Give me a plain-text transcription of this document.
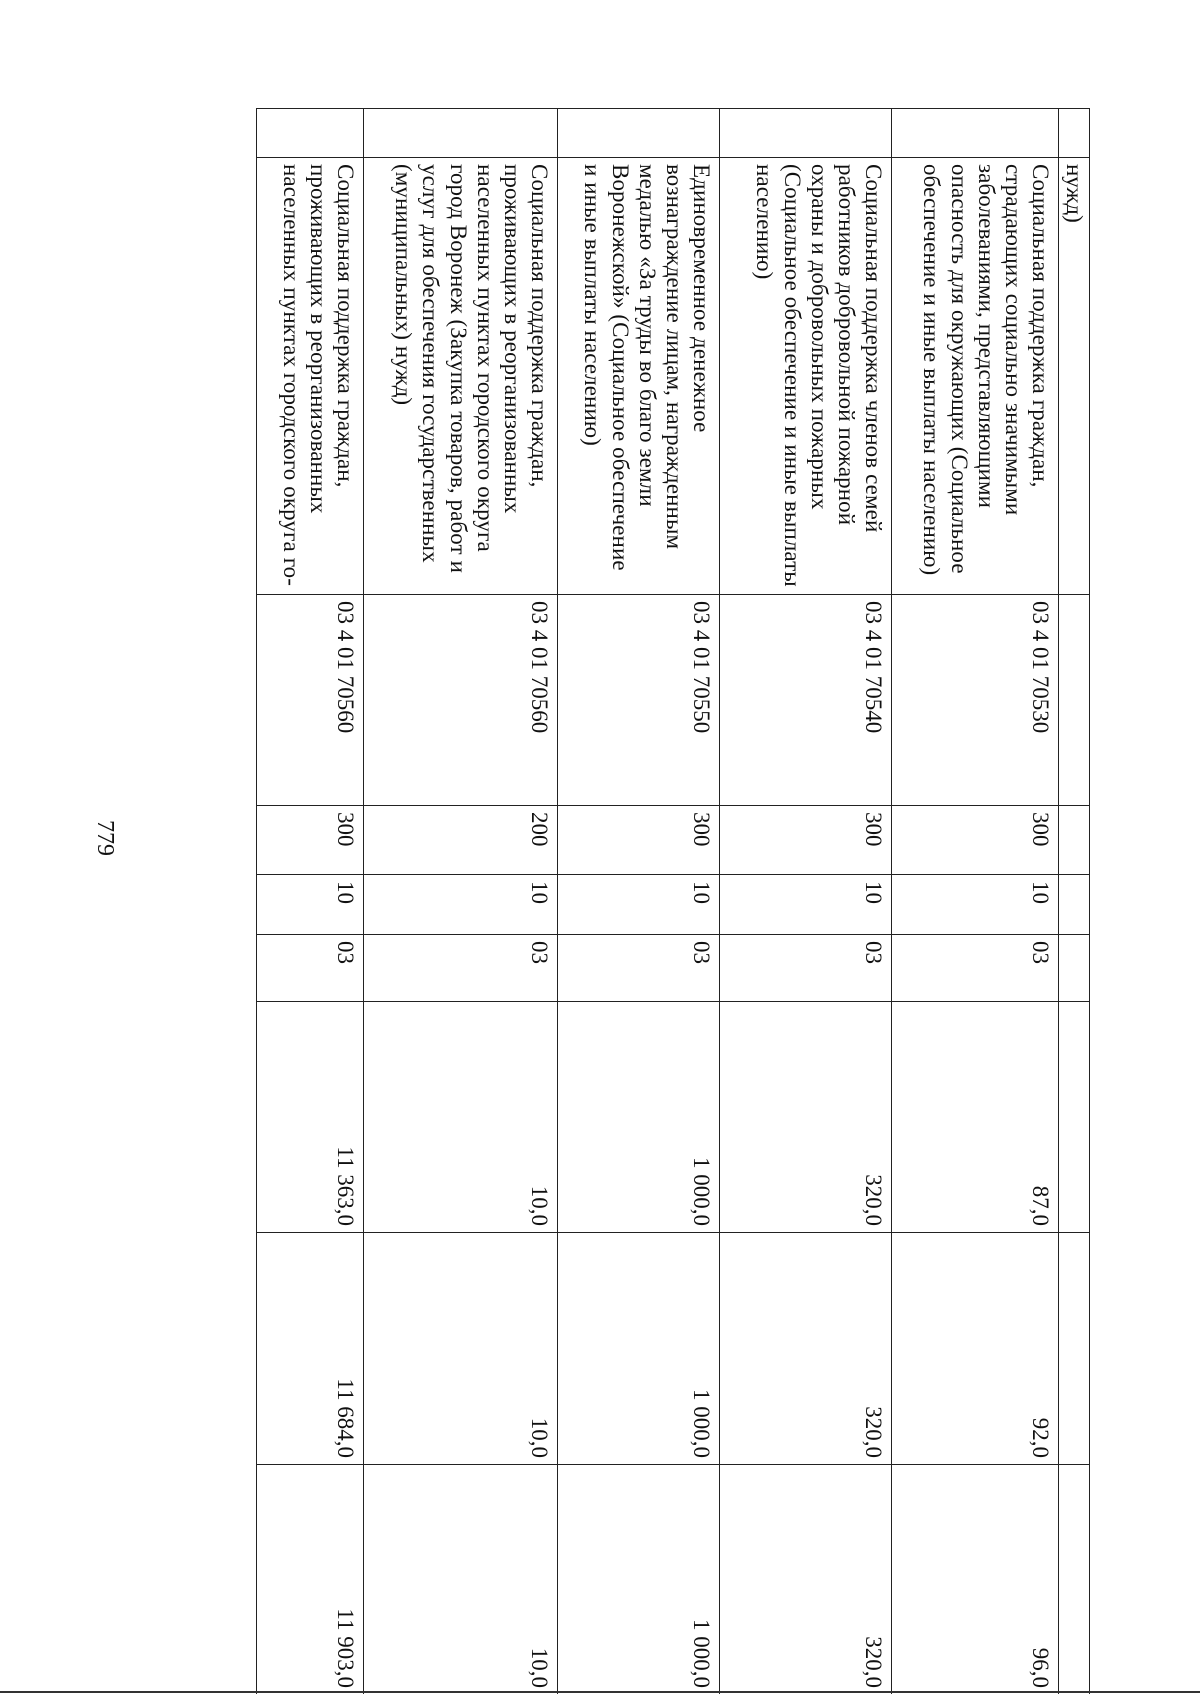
779
	нужд)							
	Социальная поддержка граждан, страдающих социально значимыми заболеваниями, представляющими опасность для окружающих (Социальное обеспечение и иные выплаты населению)	03 4 01 70530	300	10	03	87,0	92,0	96,0
	Социальная поддержка членов семей работников добровольной пожарной охраны и добровольных пожарных (Социальное обеспечение и иные выплаты населению)	03 4 01 70540	300	10	03	320,0	320,0	320,0
	Единовременное денежное вознаграждение лицам, награжденным медалью «За труды во благо земли Воронежской» (Социальное обеспечение и иные выплаты населению)	03 4 01 70550	300	10	03	1 000,0	1 000,0	1 000,0
	Социальная поддержка граждан, проживающих в реорганизованных населенных пунктах городского округа город Воронеж (Закупка товаров, работ и услуг для обеспечения государственных (муниципальных) нужд)	03 4 01 70560	200	10	03	10,0	10,0	10,0
	Социальная поддержка граждан, проживающих в реорганизованных населенных пунктах городского округа го-	03 4 01 70560	300	10	03	11 363,0	11 684,0	11 903,0
